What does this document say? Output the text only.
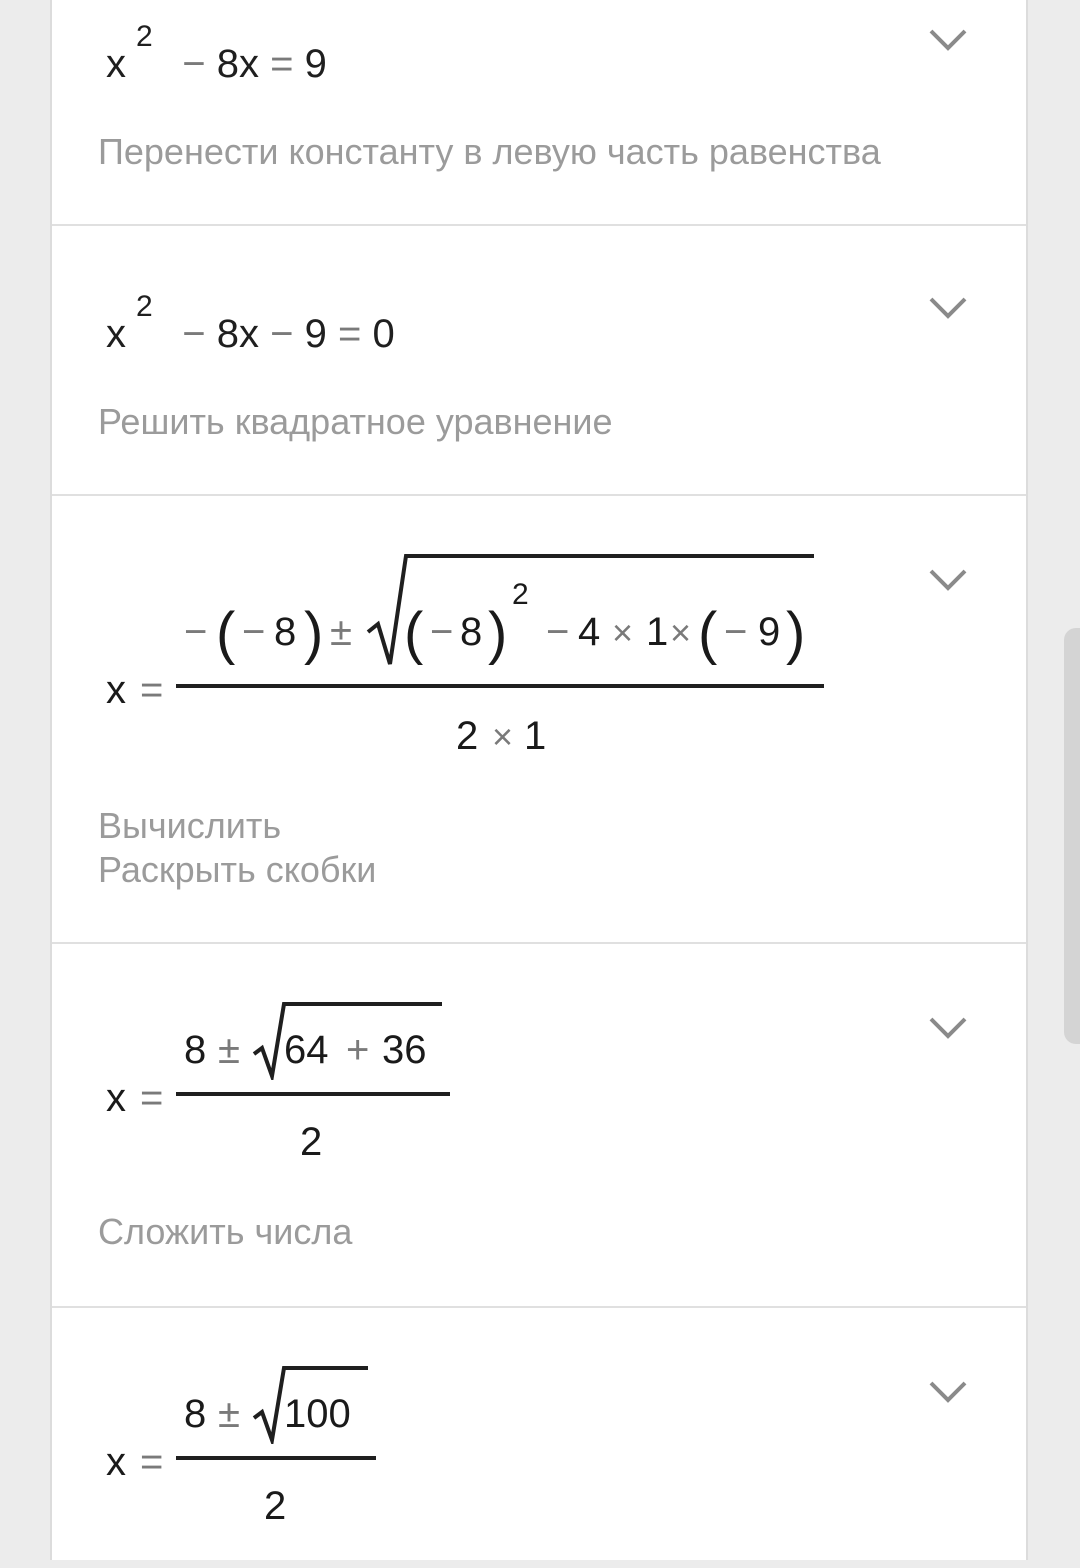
x
2
− 8x = 9
Перенести константу в левую часть равенства
x
2
− 8x − 9 = 0
Решить квадратное уравнение
x =
− ( − 8 ) ± ( − 8 )
2
− 4 × 1 × ( − 9 )
2 × 1
Вычислить
Раскрыть скобки
x =
8 ± 64 + 36
2
Сложить числа
x =
8 ± 100
2
